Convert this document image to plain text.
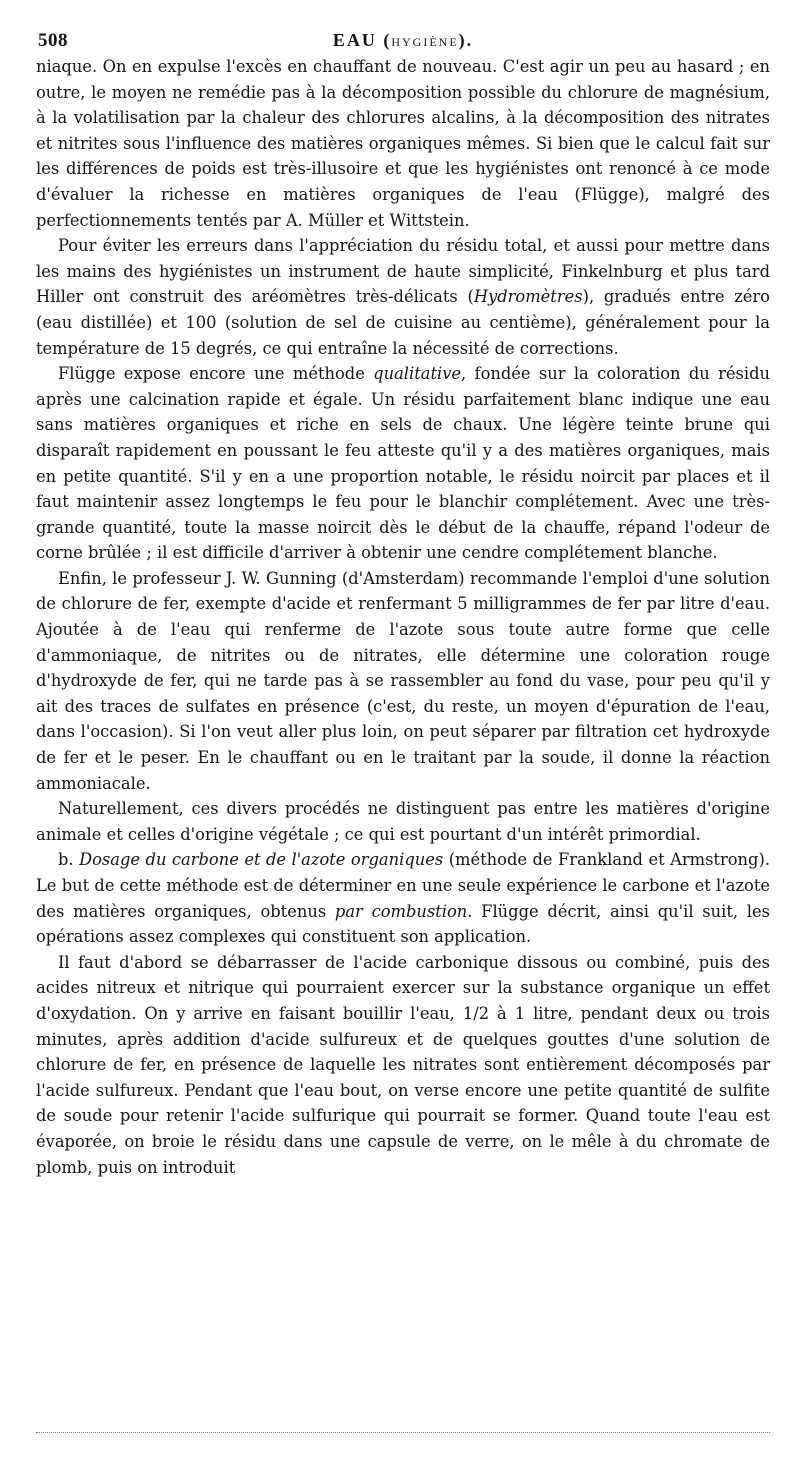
508	EAU (HYGIÈNE).

niaque. On en expulse l'excès en chauffant de nouveau. C'est agir un peu au hasard ; en outre, le moyen ne remédie pas à la décomposition possible du chlorure de magnésium, à la volatilisation par la chaleur des chlorures alcalins, à la décomposition des nitrates et nitrites sous l'influence des matières organiques mêmes. Si bien que le calcul fait sur les différences de poids est très-illusoire et que les hygiénistes ont renoncé à ce mode d'évaluer la richesse en matières organiques de l'eau (Flügge), malgré des perfectionnements tentés par A. Müller et Wittstein.

Pour éviter les erreurs dans l'appréciation du résidu total, et aussi pour mettre dans les mains des hygiénistes un instrument de haute simplicité, Finkelnburg et plus tard Hiller ont construit des aréomètres très-délicats (Hydromètres), gradués entre zéro (eau distillée) et 100 (solution de sel de cuisine au centième), généralement pour la température de 15 degrés, ce qui entraîne la nécessité de corrections.

Flügge expose encore une méthode qualitative, fondée sur la coloration du résidu après une calcination rapide et égale. Un résidu parfaitement blanc indique une eau sans matières organiques et riche en sels de chaux. Une légère teinte brune qui disparaît rapidement en poussant le feu atteste qu'il y a des matières organiques, mais en petite quantité. S'il y en a une proportion notable, le résidu noircit par places et il faut maintenir assez longtemps le feu pour le blanchir complétement. Avec une très-grande quantité, toute la masse noircit dès le début de la chauffe, répand l'odeur de corne brûlée ; il est difficile d'arriver à obtenir une cendre complétement blanche.

Enfin, le professeur J. W. Gunning (d'Amsterdam) recommande l'emploi d'une solution de chlorure de fer, exempte d'acide et renfermant 5 milligrammes de fer par litre d'eau. Ajoutée à de l'eau qui renferme de l'azote sous toute autre forme que celle d'ammoniaque, de nitrites ou de nitrates, elle détermine une coloration rouge d'hydroxyde de fer, qui ne tarde pas à se rassembler au fond du vase, pour peu qu'il y ait des traces de sulfates en présence (c'est, du reste, un moyen d'épuration de l'eau, dans l'occasion). Si l'on veut aller plus loin, on peut séparer par filtration cet hydroxyde de fer et le peser. En le chauffant ou en le traitant par la soude, il donne la réaction ammoniacale.

Naturellement, ces divers procédés ne distinguent pas entre les matières d'origine animale et celles d'origine végétale ; ce qui est pourtant d'un intérêt primordial.

b. Dosage du carbone et de l'azote organiques (méthode de Frankland et Armstrong). Le but de cette méthode est de déterminer en une seule expérience le carbone et l'azote des matières organiques, obtenus par combustion. Flügge décrit, ainsi qu'il suit, les opérations assez complexes qui constituent son application.

Il faut d'abord se débarrasser de l'acide carbonique dissous ou combiné, puis des acides nitreux et nitrique qui pourraient exercer sur la substance organique un effet d'oxydation. On y arrive en faisant bouillir l'eau, 1/2 à 1 litre, pendant deux ou trois minutes, après addition d'acide sulfureux et de quelques gouttes d'une solution de chlorure de fer, en présence de laquelle les nitrates sont entièrement décomposés par l'acide sulfureux. Pendant que l'eau bout, on verse encore une petite quantité de sulfite de soude pour retenir l'acide sulfurique qui pourrait se former. Quand toute l'eau est évaporée, on broie le résidu dans une capsule de verre, on le mêle à du chromate de plomb, puis on introduit
